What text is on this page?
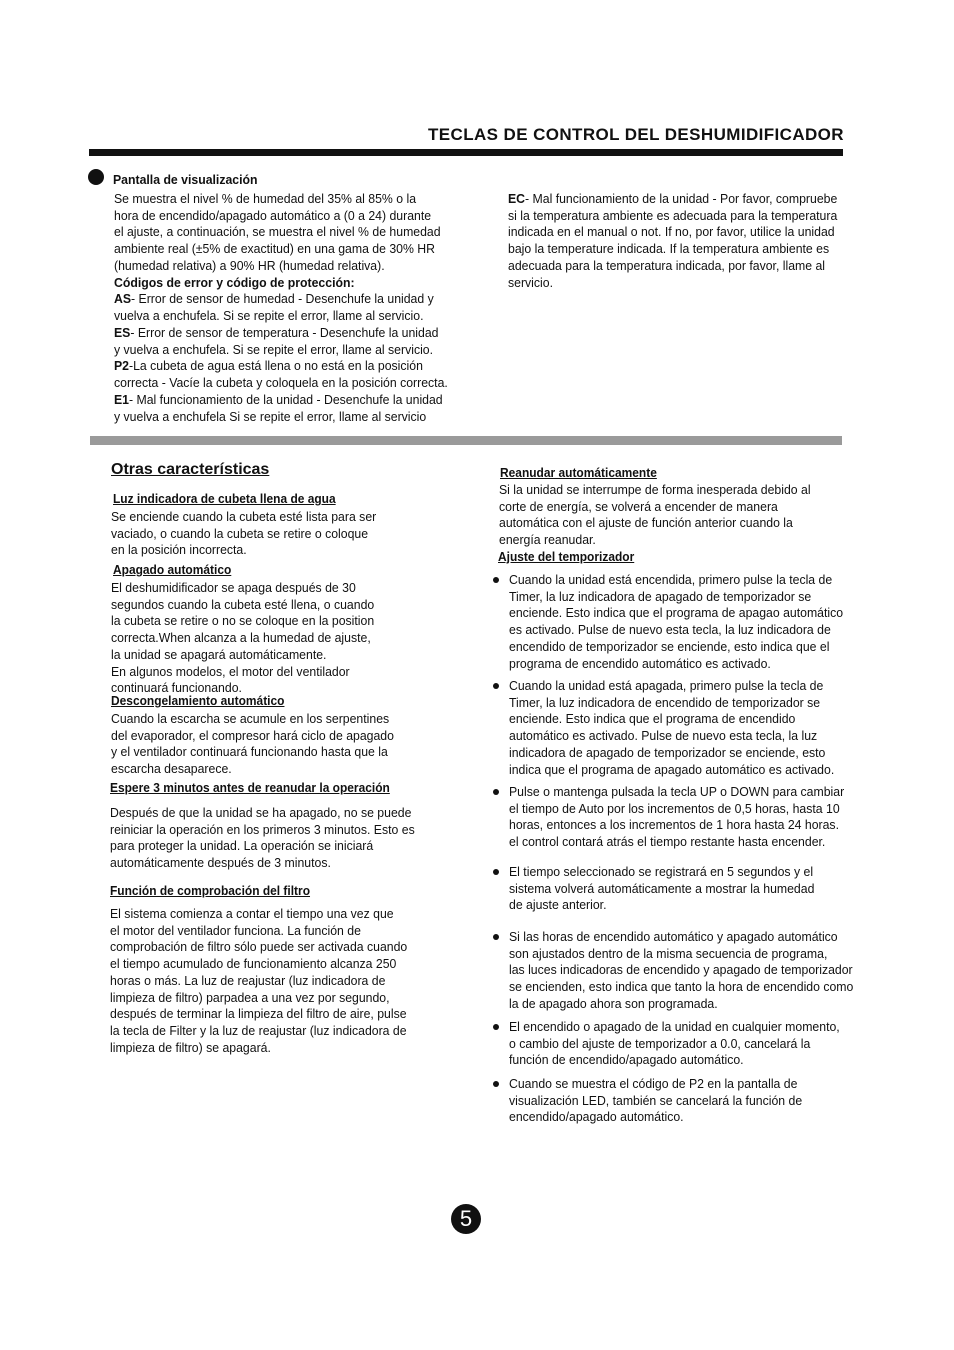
TECLAS DE CONTROL DEL DESHUMIDIFICADOR
Pantalla de visualización
Se muestra el nivel % de humedad del 35% al 85% o la
hora de encendido/apagado automático a (0 a 24) durante
el ajuste, a continuación, se muestra el nivel % de humedad
ambiente real (±5% de exactitud) en una gama de 30% HR
(humedad relativa) a 90% HR (humedad relativa).
Códigos de error y código de protección:
AS- Error de sensor de humedad - Desenchufe la unidad y
vuelva a enchufela. Si se repite el error, llame al servicio.
ES- Error de sensor de temperatura - Desenchufe la unidad
y vuelva a enchufela. Si se repite el error, llame al servicio.
P2-La cubeta de agua está llena o no está en la posición
correcta - Vacíe la cubeta y coloquela en la posición correcta.
E1- Mal funcionamiento de la unidad - Desenchufe la unidad
y vuelva a enchufela Si se repite el error, llame al servicio
EC- Mal funcionamiento de la unidad - Por favor, compruebe
si la temperatura ambiente es adecuada para la temperatura
indicada en el manual o not. If no, por favor, utilice la unidad
bajo la temperature indicada. If la temperatura ambiente es
adecuada para la temperatura indicada, por favor, llame al
servicio.
Otras características
Luz indicadora de cubeta llena de agua
Se enciende cuando la cubeta esté lista para ser
vaciado, o cuando la cubeta se retire o coloque
en la posición incorrecta.
Apagado automático
El deshumidificador se apaga después de 30
segundos cuando la cubeta esté llena, o cuando
la cubeta se retire o no se coloque en la position
correcta.When alcanza a la humedad de ajuste,
la unidad se apagará automáticamente.
En algunos modelos, el motor del ventilador
continuará funcionando.
Descongelamiento automático
Cuando la escarcha se acumule en los serpentines
del evaporador, el compresor hará ciclo de apagado
y el ventilador continuará funcionando hasta que la
escarcha desaparece.
Espere 3 minutos antes de reanudar la operación
Después de que la unidad se ha apagado, no se puede
reiniciar la operación en los primeros 3 minutos. Esto es
para proteger la unidad. La operación se iniciará
automáticamente después de 3 minutos.
Función de comprobación del filtro
El sistema comienza a contar el tiempo una vez que
el motor del ventilador funciona. La función de
comprobación de filtro sólo puede ser activada cuando
el tiempo acumulado de funcionamiento alcanza 250
horas o más. La luz de reajustar (luz indicadora de
limpieza de filtro) parpadea a una vez por segundo,
después de terminar la limpieza del filtro de aire, pulse
la tecla de Filter y la luz de reajustar (luz indicadora de
limpieza de filtro) se apagará.
Reanudar automáticamente
Si la unidad se interrumpe de forma inesperada debido al
corte de energía, se volverá a encender de manera
automática con el ajuste de función anterior cuando la
energía reanudar.
Ajuste del temporizador
Cuando la unidad está encendida, primero pulse la tecla de
Timer, la luz indicadora de apagado de temporizador se
enciende. Esto indica que el programa de apagao automático
es activado. Pulse de nuevo esta tecla, la luz indicadora de
encendido de temporizador se enciende, esto indica que el
programa de encendido automático es activado.
Cuando la unidad está apagada, primero pulse la tecla de
Timer, la luz indicadora de encendido de temporizador se
enciende. Esto indica que el programa de encendido
automático es activado. Pulse de nuevo esta tecla, la luz
indicadora de apagado de temporizador se enciende, esto
indica que el programa de apagado automático es activado.
Pulse o mantenga pulsada la tecla UP o DOWN para cambiar
el tiempo de Auto por los incrementos de 0,5 horas, hasta 10
horas, entonces a los incrementos de 1 hora hasta 24 horas.
el control contará atrás el tiempo restante hasta encender.
El tiempo seleccionado se registrará en 5 segundos y el
sistema volverá automáticamente a mostrar la humedad
de ajuste anterior.
Si las horas de encendido automático y apagado automático
son ajustados dentro de la misma secuencia de programa,
las luces indicadoras de encendido y apagado de temporizador
se encienden, esto indica que tanto la hora de encendido como
la de apagado ahora son programada.
El encendido o apagado de la unidad en cualquier momento,
o cambio del ajuste de temporizador a 0.0, cancelará la
función de encendido/apagado automático.
Cuando se muestra el código de P2 en la pantalla de
visualización LED, también se cancelará la función de
encendido/apagado automático.
5
